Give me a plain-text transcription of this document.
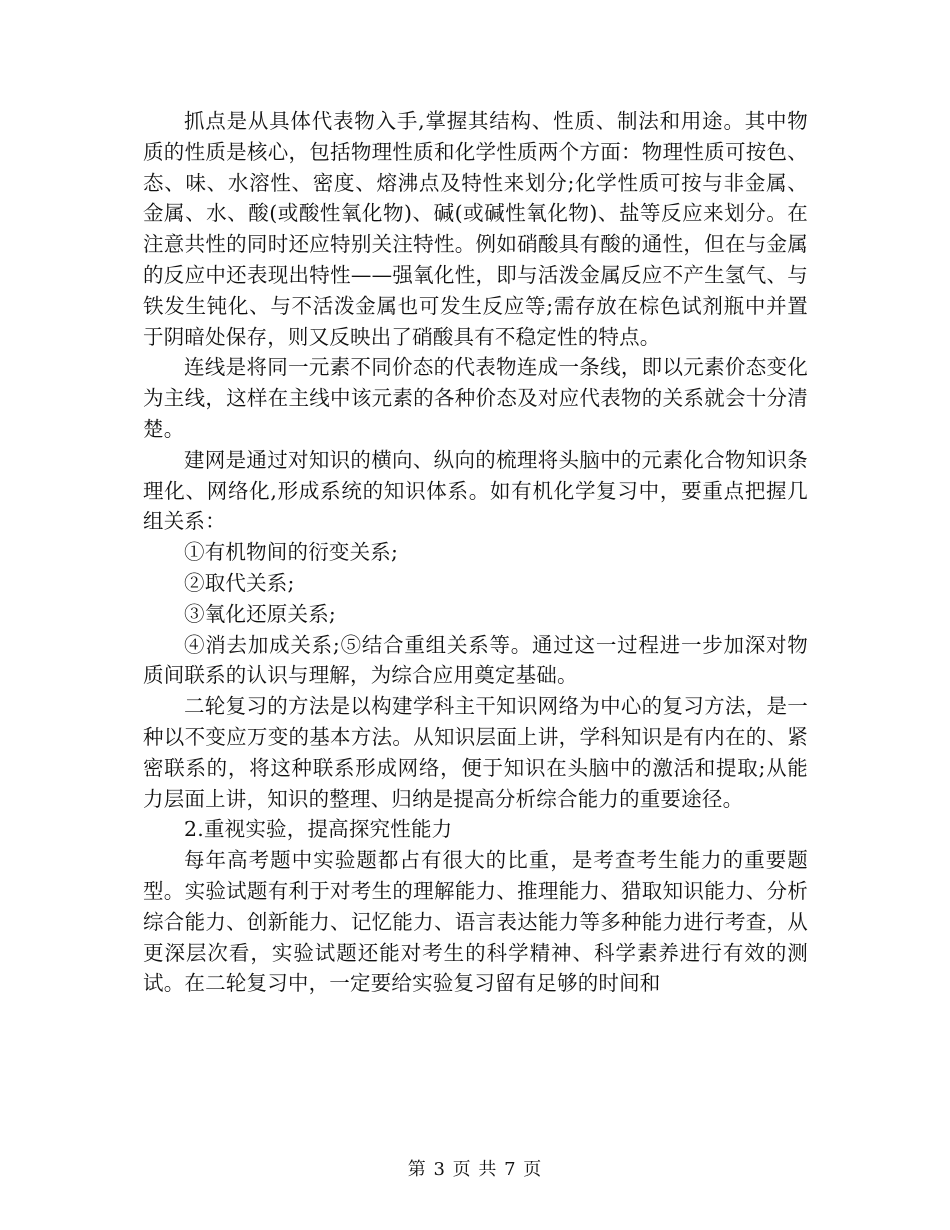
抓点是从具体代表物入手,掌握其结构、性质、制法和用途。其中物质的性质是核心，包括物理性质和化学性质两个方面：物理性质可按色、态、味、水溶性、密度、熔沸点及特性来划分;化学性质可按与非金属、金属、水、酸(或酸性氧化物)、碱(或碱性氧化物)、盐等反应来划分。在注意共性的同时还应特别关注特性。例如硝酸具有酸的通性，但在与金属的反应中还表现出特性——强氧化性，即与活泼金属反应不产生氢气、与铁发生钝化、与不活泼金属也可发生反应等;需存放在棕色试剂瓶中并置于阴暗处保存，则又反映出了硝酸具有不稳定性的特点。

连线是将同一元素不同价态的代表物连成一条线，即以元素价态变化为主线，这样在主线中该元素的各种价态及对应代表物的关系就会十分清楚。

建网是通过对知识的横向、纵向的梳理将头脑中的元素化合物知识条理化、网络化,形成系统的知识体系。如有机化学复习中，要重点把握几组关系：

①有机物间的衍变关系;

②取代关系;

③氧化还原关系;

④消去加成关系;⑤结合重组关系等。通过这一过程进一步加深对物质间联系的认识与理解，为综合应用奠定基础。

二轮复习的方法是以构建学科主干知识网络为中心的复习方法，是一种以不变应万变的基本方法。从知识层面上讲，学科知识是有内在的、紧密联系的，将这种联系形成网络，便于知识在头脑中的激活和提取;从能力层面上讲，知识的整理、归纳是提高分析综合能力的重要途径。

2.重视实验，提高探究性能力

每年高考题中实验题都占有很大的比重，是考查考生能力的重要题型。实验试题有利于对考生的理解能力、推理能力、猎取知识能力、分析综合能力、创新能力、记忆能力、语言表达能力等多种能力进行考查，从更深层次看，实验试题还能对考生的科学精神、科学素养进行有效的测试。在二轮复习中，一定要给实验复习留有足够的时间和

第 3 页 共 7 页
